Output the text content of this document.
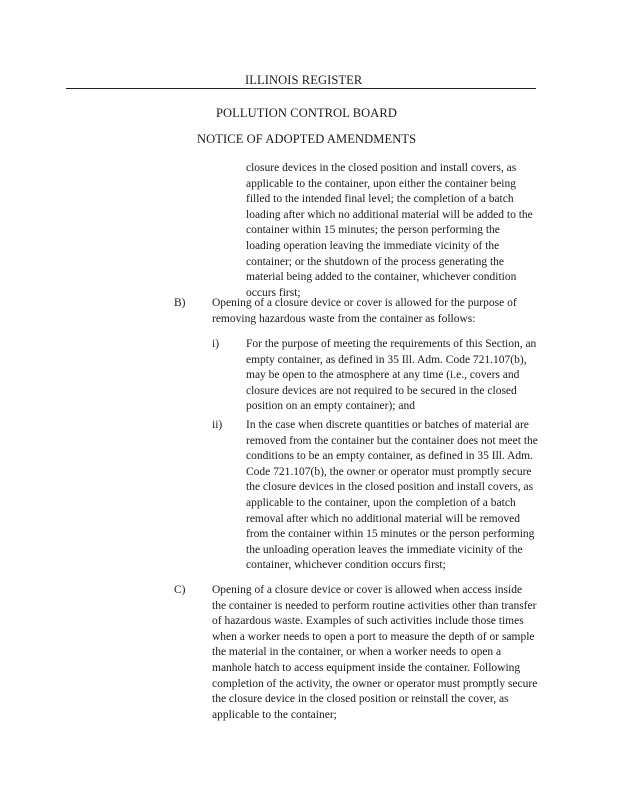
ILLINOIS REGISTER
POLLUTION CONTROL BOARD
NOTICE OF ADOPTED AMENDMENTS

closure devices in the closed position and install covers, as applicable to the container, upon either the container being filled to the intended final level; the completion of a batch loading after which no additional material will be added to the container within 15 minutes; the person performing the loading operation leaving the immediate vicinity of the container; or the shutdown of the process generating the material being added to the container, whichever condition occurs first;

B) Opening of a closure device or cover is allowed for the purpose of removing hazardous waste from the container as follows:

i) For the purpose of meeting the requirements of this Section, an empty container, as defined in 35 Ill. Adm. Code 721.107(b), may be open to the atmosphere at any time (i.e., covers and closure devices are not required to be secured in the closed position on an empty container); and

ii) In the case when discrete quantities or batches of material are removed from the container but the container does not meet the conditions to be an empty container, as defined in 35 Ill. Adm. Code 721.107(b), the owner or operator must promptly secure the closure devices in the closed position and install covers, as applicable to the container, upon the completion of a batch removal after which no additional material will be removed from the container within 15 minutes or the person performing the unloading operation leaves the immediate vicinity of the container, whichever condition occurs first;

C) Opening of a closure device or cover is allowed when access inside the container is needed to perform routine activities other than transfer of hazardous waste. Examples of such activities include those times when a worker needs to open a port to measure the depth of or sample the material in the container, or when a worker needs to open a manhole hatch to access equipment inside the container. Following completion of the activity, the owner or operator must promptly secure the closure device in the closed position or reinstall the cover, as applicable to the container;
